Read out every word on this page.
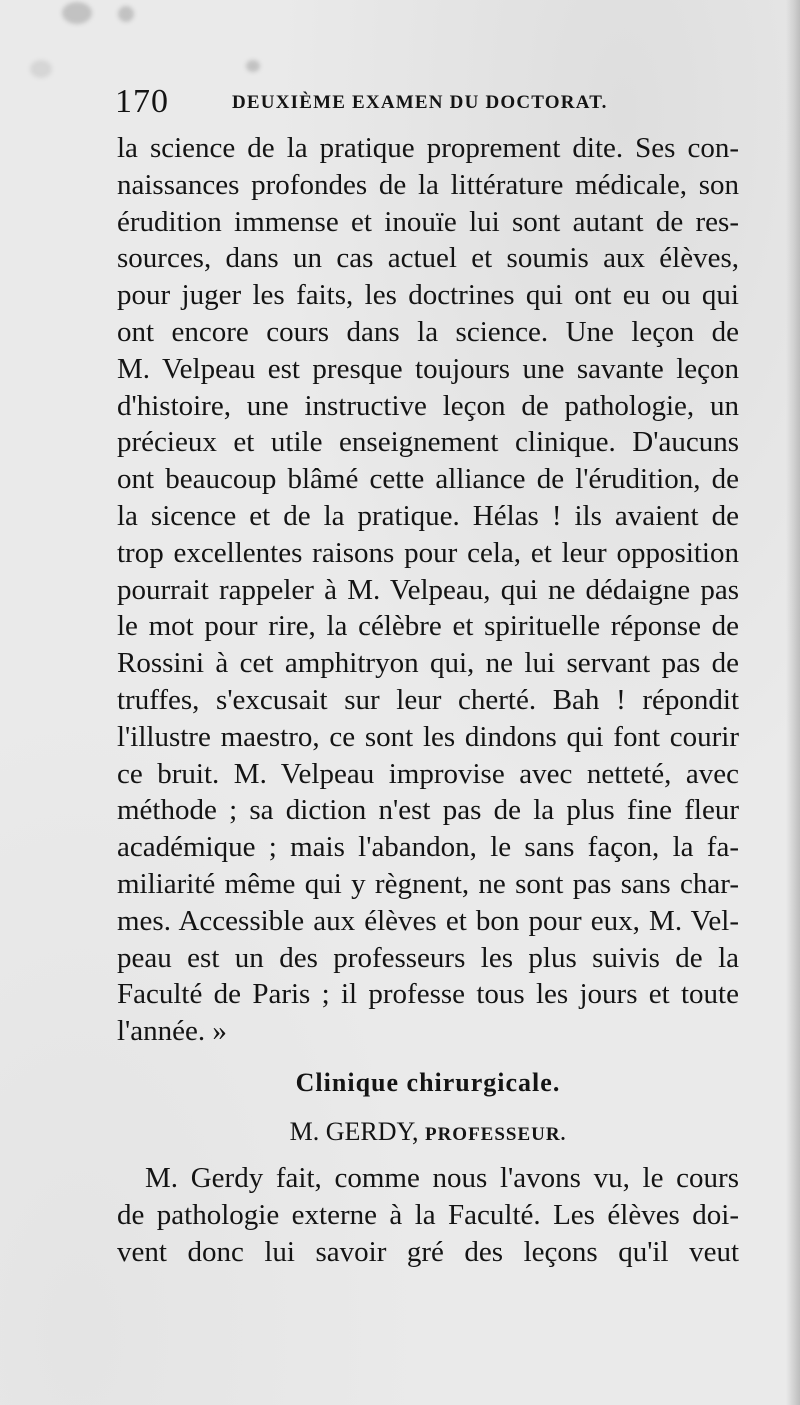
170	DEUXIÈME EXAMEN DU DOCTORAT.
la science de la pratique proprement dite. Ses con-
naissances profondes de la littérature médicale, son
érudition immense et inouïe lui sont autant de res-
sources, dans un cas actuel et soumis aux élèves,
pour juger les faits, les doctrines qui ont eu ou qui
ont encore cours dans la science. Une leçon de
M. Velpeau est presque toujours une savante leçon
d'histoire, une instructive leçon de pathologie, un
précieux et utile enseignement clinique. D'aucuns
ont beaucoup blâmé cette alliance de l'érudition, de
la sicence et de la pratique. Hélas ! ils avaient de
trop excellentes raisons pour cela, et leur opposition
pourrait rappeler à M. Velpeau, qui ne dédaigne pas
le mot pour rire, la célèbre et spirituelle réponse de
Rossini à cet amphitryon qui, ne lui servant pas de
truffes, s'excusait sur leur cherté. Bah ! répondit
l'illustre maestro, ce sont les dindons qui font courir
ce bruit. M. Velpeau improvise avec netteté, avec
méthode ; sa diction n'est pas de la plus fine fleur
académique ; mais l'abandon, le sans façon, la fa-
miliarité même qui y règnent, ne sont pas sans char-
mes. Accessible aux élèves et bon pour eux, M. Vel-
peau est un des professeurs les plus suivis de la
Faculté de Paris ; il professe tous les jours et toute
l'année. »
Clinique chirurgicale.
M. GERDY, PROFESSEUR.
M. Gerdy fait, comme nous l'avons vu, le cours
de pathologie externe à la Faculté. Les élèves doi-
vent donc lui savoir gré des leçons qu'il veut
